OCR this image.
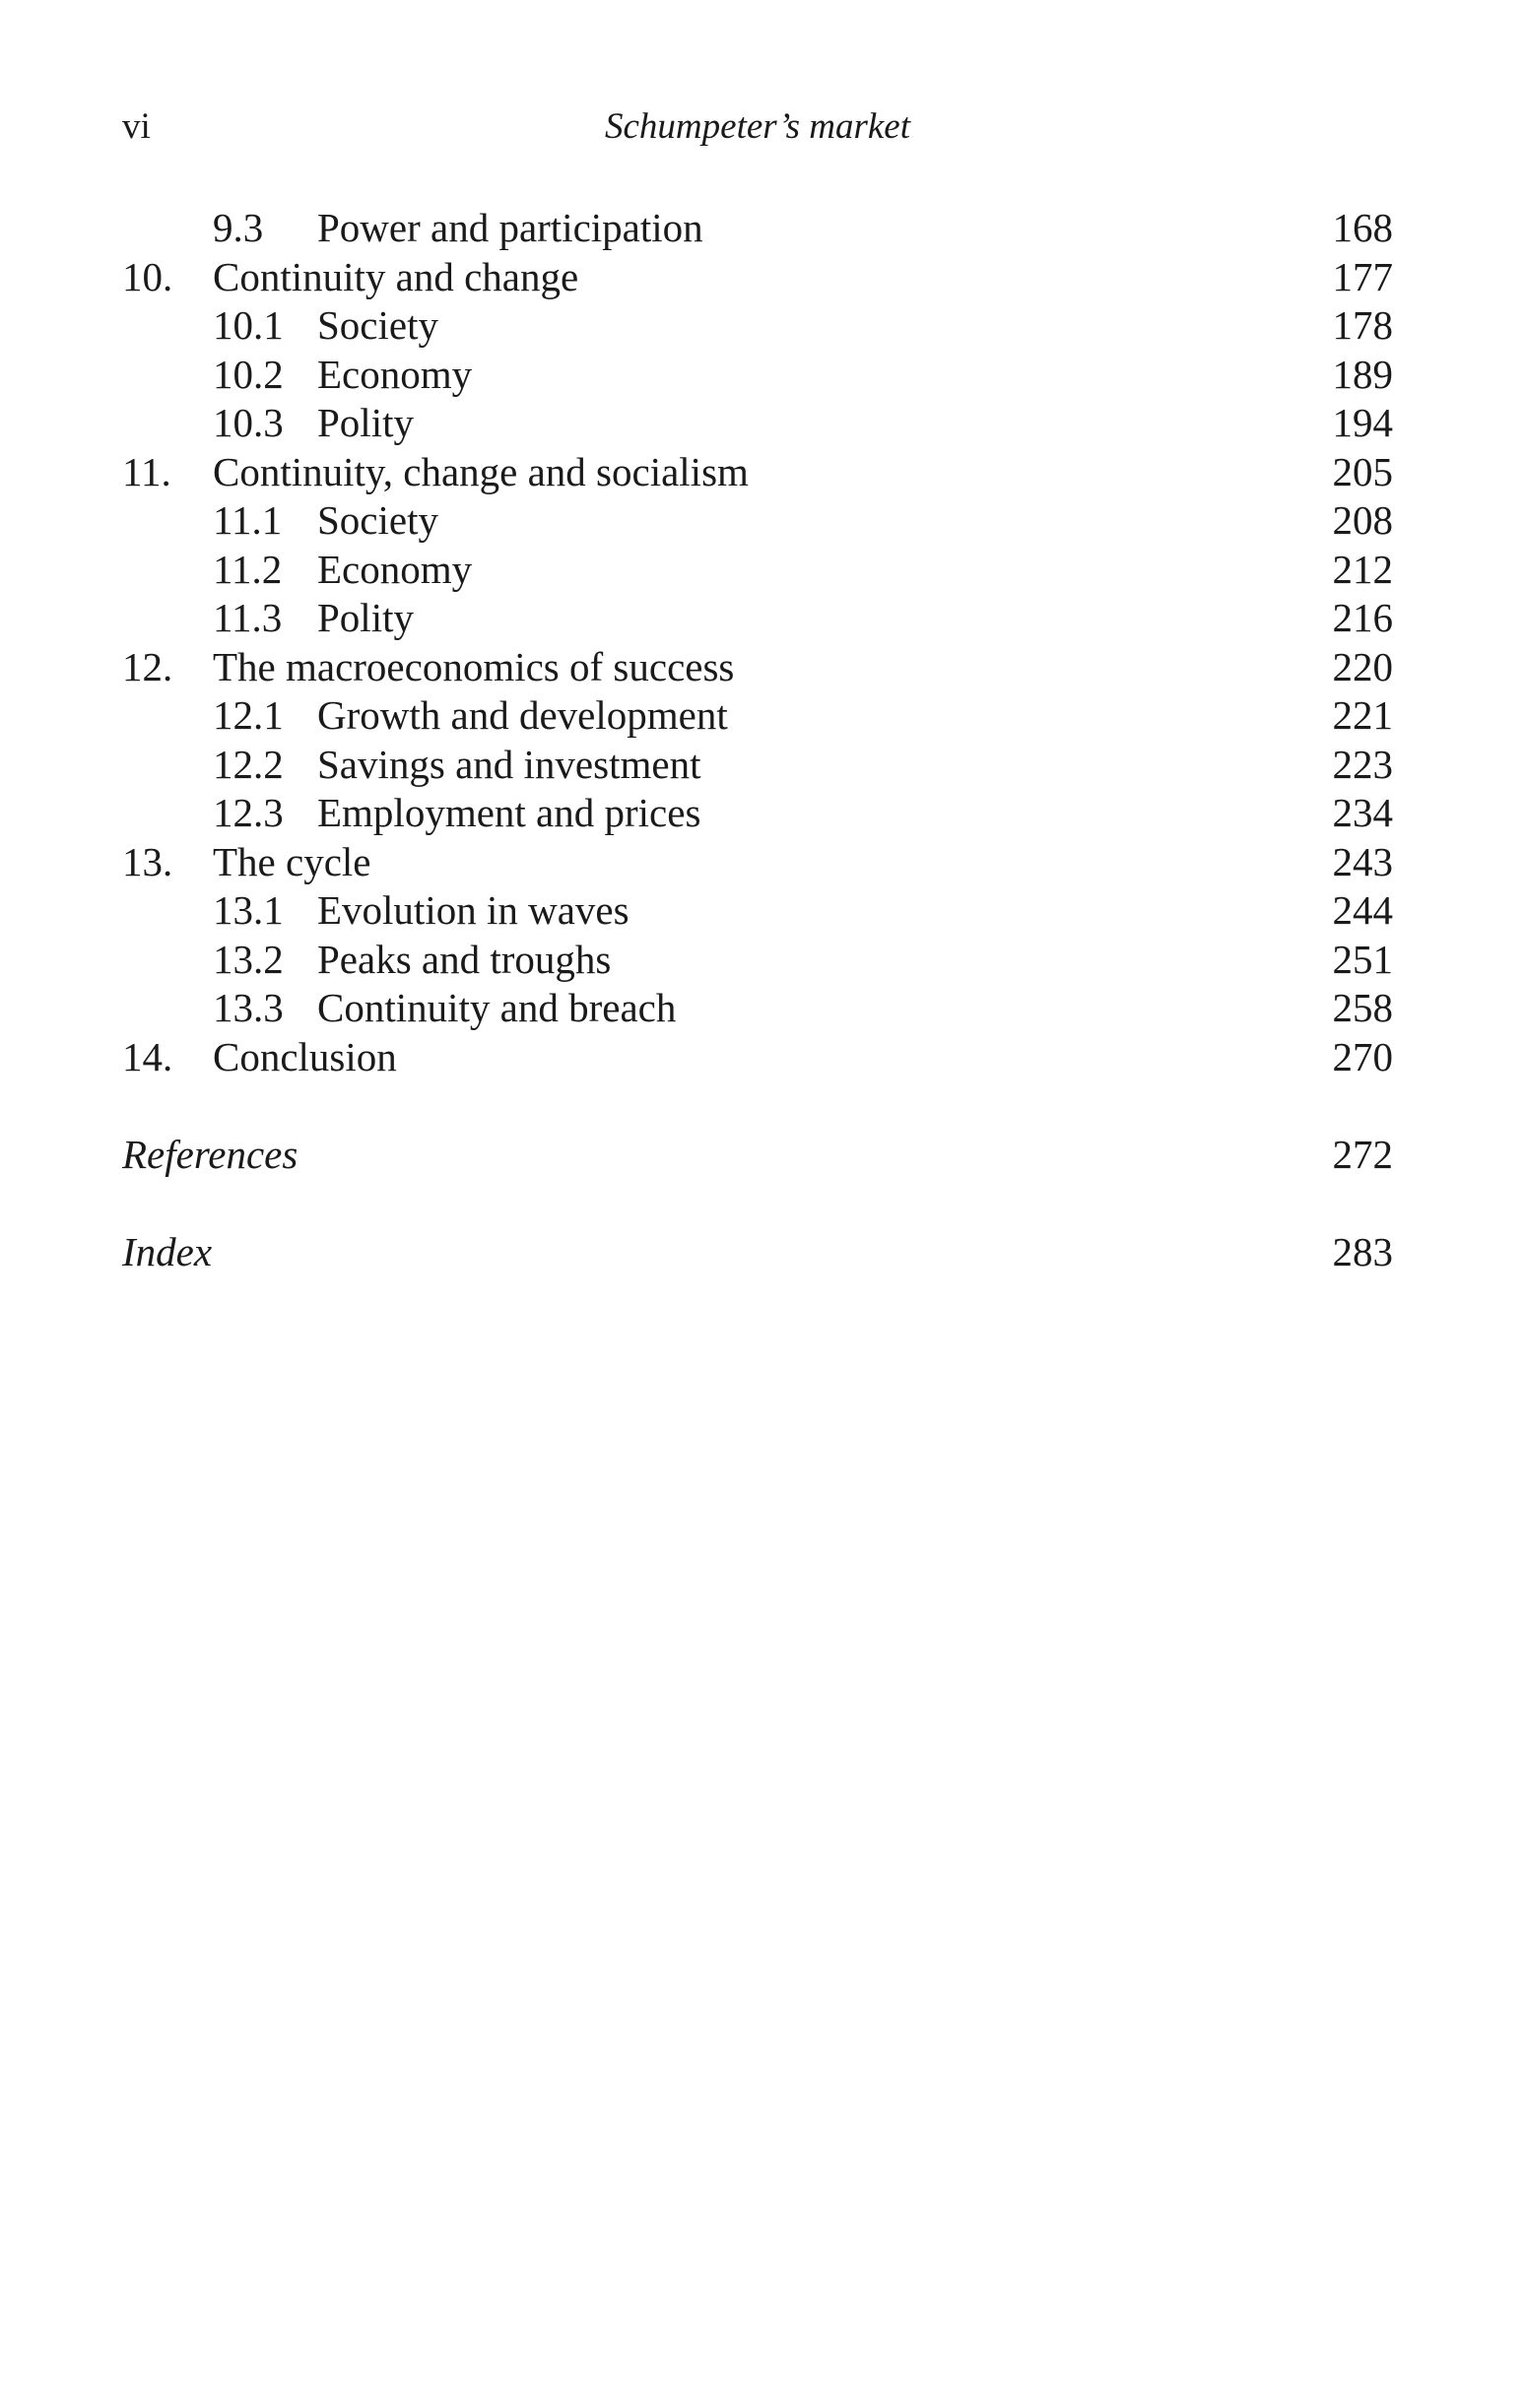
vi	Schumpeter’s market
9.3 Power and participation	168
10. Continuity and change	177
10.1 Society	178
10.2 Economy	189
10.3 Polity	194
11. Continuity, change and socialism	205
11.1 Society	208
11.2 Economy	212
11.3 Polity	216
12. The macroeconomics of success	220
12.1 Growth and development	221
12.2 Savings and investment	223
12.3 Employment and prices	234
13. The cycle	243
13.1 Evolution in waves	244
13.2 Peaks and troughs	251
13.3 Continuity and breach	258
14. Conclusion	270
References	272
Index	283
